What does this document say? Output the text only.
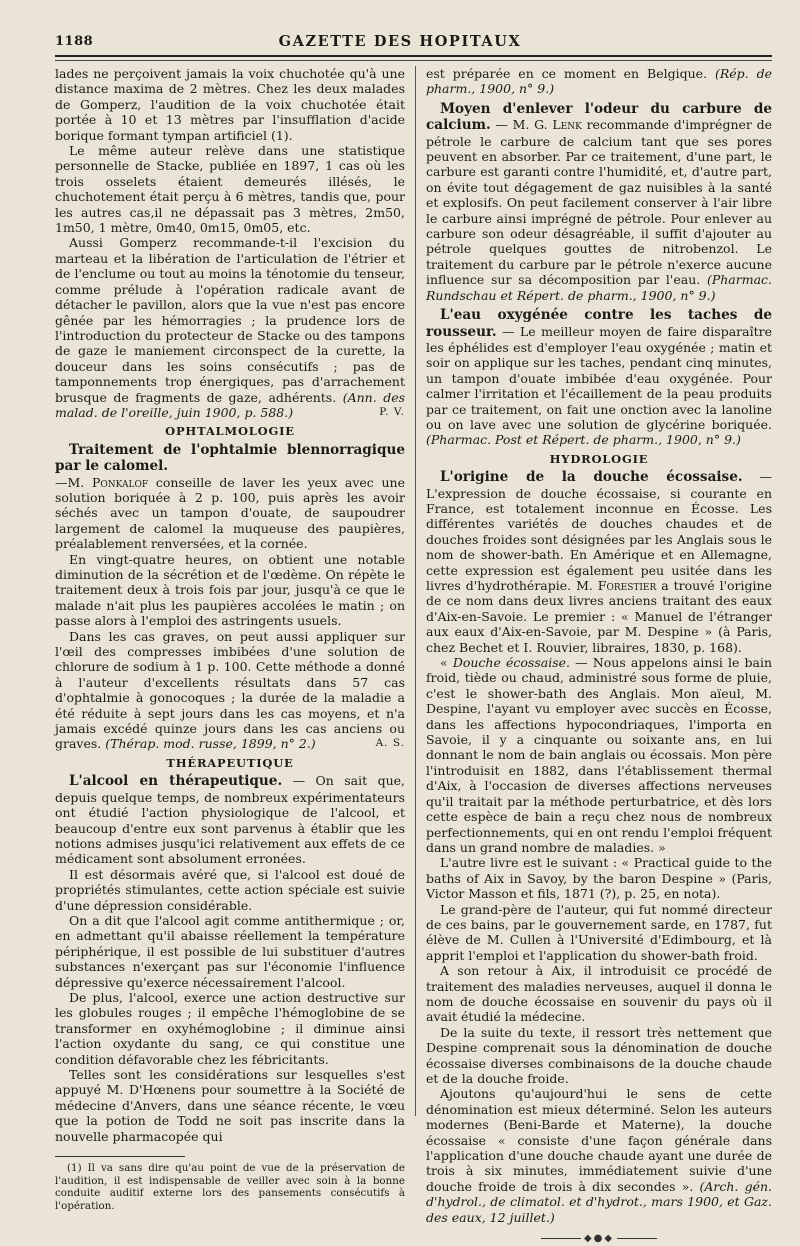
1188	GAZETTE DES HOPITAUX

lades ne perçoivent jamais la voix chuchotée qu'à une distance maxima de 2 mètres. Chez les deux malades de Gomperz, l'audition de la voix chuchotée était portée à 10 et 13 mètres par l'insufflation d'acide borique formant tympan artificiel (1).

Le même auteur relève dans une statistique personnelle de Stacke, publiée en 1897, 1 cas où les trois osselets étaient demeurés illésés, le chuchotement était perçu à 6 mètres, tandis que, pour les autres cas,il ne dépassait pas 3 mètres, 2m50, 1m50, 1 mètre, 0m40, 0m15, 0m05, etc.

Aussi Gomperz recommande-t-il l'excision du marteau et la libération de l'articulation de l'étrier et de l'enclume ou tout au moins la ténotomie du tenseur, comme prélude à l'opération radicale avant de détacher le pavillon, alors que la vue n'est pas encore gênée par les hémorragies ; la prudence lors de l'introduction du protecteur de Stacke ou des tampons de gaze le maniement circonspect de la curette, la douceur dans les soins consécutifs ; pas de tamponnements trop énergiques, pas d'arrachement brusque de fragments de gaze, adhérents. (Ann. des malad. de l'oreille, juin 1900, p. 588.)	P. V.

OPHTALMOLOGIE

Traitement de l'ophtalmie blennorragique par le calomel.
—M. Ponkalof conseille de laver les yeux avec une solution boriquée à 2 p. 100, puis après les avoir séchés avec un tampon d'ouate, de saupoudrer largement de calomel la muqueuse des paupières, préalablement renversées, et la cornée.

En vingt-quatre heures, on obtient une notable diminution de la sécrétion et de l'œdème. On répète le traitement deux à trois fois par jour, jusqu'à ce que le malade n'ait plus les paupières accolées le matin ; on passe alors à l'emploi des astringents usuels.

Dans les cas graves, on peut aussi appliquer sur l'œil des compresses imbibées d'une solution de chlorure de sodium à 1 p. 100. Cette méthode a donné à l'auteur d'excellents résultats dans 57 cas d'ophtalmie à gonocoques ; la durée de la maladie a été réduite à sept jours dans les cas moyens, et n'a jamais excédé quinze jours dans les cas anciens ou graves. (Thérap. mod. russe, 1899, n° 2.)	A. S.

THÉRAPEUTIQUE

L'alcool en thérapeutique. — On sait que, depuis quelque temps, de nombreux expérimentateurs ont étudié l'action physiologique de l'alcool, et beaucoup d'entre eux sont parvenus à établir que les notions admises jusqu'ici relativement aux effets de ce médicament sont absolument erronées.

Il est désormais avéré que, si l'alcool est doué de propriétés stimulantes, cette action spéciale est suivie d'une dépression considérable.

On a dit que l'alcool agit comme antithermique ; or, en admettant qu'il abaisse réellement la température périphérique, il est possible de lui substituer d'autres substances n'exerçant pas sur l'économie l'influence dépressive qu'exerce nécessairement l'alcool.

De plus, l'alcool, exerce une action destructive sur les globules rouges ; il empêche l'hémoglobine de se transformer en oxyhémoglobine ; il diminue ainsi l'action oxydante du sang, ce qui constitue une condition défavorable chez les fébricitants.

Telles sont les considérations sur lesquelles s'est appuyé M. D'Hœnens pour soumettre à la Société de médecine d'Anvers, dans une séance récente, le vœu que la potion de Todd ne soit pas inscrite dans la nouvelle pharmacopée qui

(1) Il va sans dire qu'au point de vue de la préservation de l'audition, il est indispensable de veiller avec soin à la bonne conduite auditif externe lors des pansements consécutifs à l'opération.

est préparée en ce moment en Belgique. (Rép. de pharm., 1900, n° 9.)

Moyen d'enlever l'odeur du carbure de calcium. — M. G. Lenk recommande d'imprégner de pétrole le carbure de calcium tant que ses pores peuvent en absorber. Par ce traitement, d'une part, le carbure est garanti contre l'humidité, et, d'autre part, on évite tout dégagement de gaz nuisibles à la santé et explosifs. On peut facilement conserver à l'air libre le carbure ainsi imprégné de pétrole. Pour enlever au carbure son odeur désagréable, il suffit d'ajouter au pétrole quelques gouttes de nitrobenzol. Le traitement du carbure par le pétrole n'exerce aucune influence sur sa décomposition par l'eau. (Pharmac. Rundschau et Répert. de pharm., 1900, n° 9.)

L'eau oxygénée contre les taches de rousseur. — Le meilleur moyen de faire disparaître les éphélides est d'employer l'eau oxygénée ; matin et soir on applique sur les taches, pendant cinq minutes, un tampon d'ouate imbibée d'eau oxygénée. Pour calmer l'irritation et l'écaillement de la peau produits par ce traitement, on fait une onction avec la lanoline ou on lave avec une solution de glycérine boriquée. (Pharmac. Post et Répert. de pharm., 1900, n° 9.)

HYDROLOGIE

L'origine de la douche écossaise. — L'expression de douche écossaise, si courante en France, est totalement inconnue en Écosse. Les différentes variétés de douches chaudes et de douches froides sont désignées par les Anglais sous le nom de shower-bath. En Amérique et en Allemagne, cette expression est également peu usitée dans les livres d'hydrothérapie. M. Forestier a trouvé l'origine de ce nom dans deux livres anciens traitant des eaux d'Aix-en-Savoie. Le premier : « Manuel de l'étranger aux eaux d'Aix-en-Savoie, par M. Despine » (à Paris, chez Bechet et I. Rouvier, libraires, 1830, p. 168).

« Douche écossaise. — Nous appelons ainsi le bain froid, tiède ou chaud, administré sous forme de pluie, c'est le shower-bath des Anglais. Mon aïeul, M. Despine, l'ayant vu employer avec succès en Écosse, dans les affections hypocondriaques, l'importa en Savoie, il y a cinquante ou soixante ans, en lui donnant le nom de bain anglais ou écossais. Mon père l'introduisit en 1882, dans l'établissement thermal d'Aix, à l'occasion de diverses affections nerveuses qu'il traitait par la méthode perturbatrice, et dès lors cette espèce de bain a reçu chez nous de nombreux perfectionnements, qui en ont rendu l'emploi fréquent dans un grand nombre de maladies. »

L'autre livre est le suivant : « Practical guide to the baths of Aix in Savoy, by the baron Despine » (Paris, Victor Masson et fils, 1871 (?), p. 25, en nota).

Le grand-père de l'auteur, qui fut nommé directeur de ces bains, par le gouvernement sarde, en 1787, fut élève de M. Cullen à l'Université d'Edimbourg, et là apprit l'emploi et l'application du shower-bath froid.

A son retour à Aix, il introduisit ce procédé de traitement des maladies nerveuses, auquel il donna le nom de douche écossaise en souvenir du pays où il avait étudié la médecine.

De la suite du texte, il ressort très nettement que Despine comprenait sous la dénomination de douche écossaise diverses combinaisons de la douche chaude et de la douche froide.

Ajoutons qu'aujourd'hui le sens de cette dénomination est mieux déterminé. Selon les auteurs modernes (Beni-Barde et Materne), la douche écossaise « consiste d'une façon générale dans l'application d'une douche chaude ayant une durée de trois à six minutes, immédiatement suivie d'une douche froide de trois à dix secondes ». (Arch. gén. d'hydrol., de climatol. et d'hydrot., mars 1900, et Gaz. des eaux, 12 juillet.)

◆●◆
